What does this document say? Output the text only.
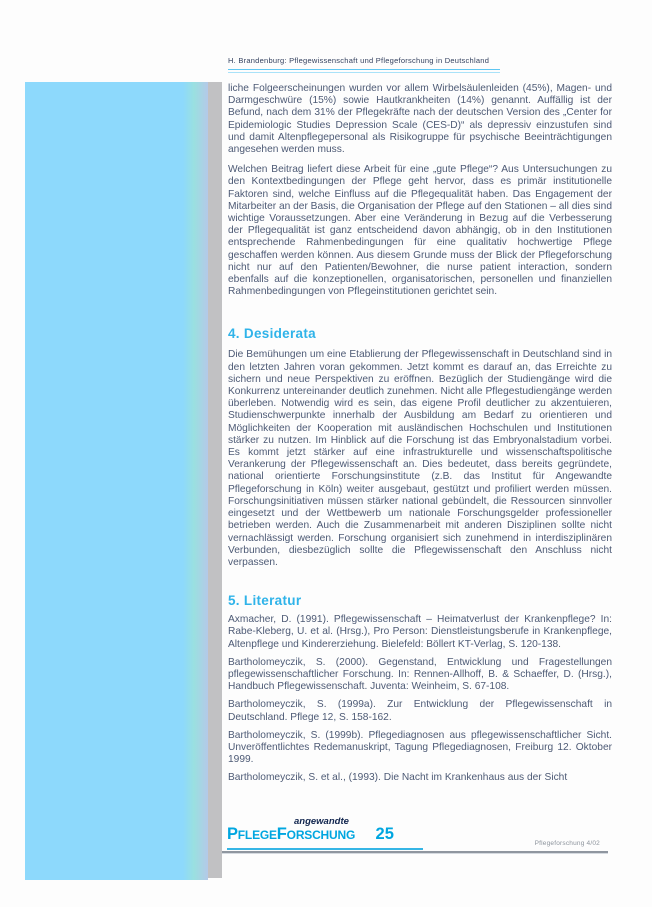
H. Brandenburg: Pflegewissenschaft und Pflegeforschung in Deutschland

liche Folgeerscheinungen wurden vor allem Wirbelsäulenleiden (45%), Magen- und Darmgeschwüre (15%) sowie Hautkrankheiten (14%) genannt. Auffällig ist der Befund, nach dem 31% der Pflegekräfte nach der deutschen Version des „Center for Epidemiologic Studies Depression Scale (CES-D)“ als depressiv einzustufen sind und damit Altenpflegepersonal als Risikogruppe für psychische Beeinträchtigungen angesehen werden muss.

Welchen Beitrag liefert diese Arbeit für eine „gute Pflege“? Aus Untersuchungen zu den Kontextbedingungen der Pflege geht hervor, dass es primär institutionelle Faktoren sind, welche Einfluss auf die Pflegequalität haben. Das Engagement der Mitarbeiter an der Basis, die Organisation der Pflege auf den Stationen – all dies sind wichtige Voraussetzungen. Aber eine Veränderung in Bezug auf die Verbesserung der Pflegequalität ist ganz entscheidend davon abhängig, ob in den Institutionen entsprechende Rahmenbedingungen für eine qualitativ hochwertige Pflege geschaffen werden können. Aus diesem Grunde muss der Blick der Pflegeforschung nicht nur auf den Patienten/Bewohner, die nurse patient interaction, sondern ebenfalls auf die konzeptionellen, organisatorischen, personellen und finanziellen Rahmenbedingungen von Pflegeinstitutionen gerichtet sein.

4. Desiderata

Die Bemühungen um eine Etablierung der Pflegewissenschaft in Deutschland sind in den letzten Jahren voran gekommen. Jetzt kommt es darauf an, das Erreichte zu sichern und neue Perspektiven zu eröffnen. Bezüglich der Studiengänge wird die Konkurrenz untereinander deutlich zunehmen. Nicht alle Pflegestudiengänge werden überleben. Notwendig wird es sein, das eigene Profil deutlicher zu akzentuieren, Studienschwerpunkte innerhalb der Ausbildung am Bedarf zu orientieren und Möglichkeiten der Kooperation mit ausländischen Hochschulen und Institutionen stärker zu nutzen. Im Hinblick auf die Forschung ist das Embryonalstadium vorbei. Es kommt jetzt stärker auf eine infrastrukturelle und wissenschaftspolitische Verankerung der Pflegewissenschaft an. Dies bedeutet, dass bereits gegründete, national orientierte Forschungsinstitute (z.B. das Institut für Angewandte Pflegeforschung in Köln) weiter ausgebaut, gestützt und profiliert werden müssen. Forschungsinitiativen müssen stärker national gebündelt, die Ressourcen sinnvoller eingesetzt und der Wettbewerb um nationale Forschungsgelder professioneller betrieben werden. Auch die Zusammenarbeit mit anderen Disziplinen sollte nicht vernachlässigt werden. Forschung organisiert sich zunehmend in interdisziplinären Verbunden, diesbezüglich sollte die Pflegewissenschaft den Anschluss nicht verpassen.

5. Literatur

Axmacher, D. (1991). Pflegewissenschaft – Heimatverlust der Krankenpflege? In: Rabe-Kleberg, U. et al. (Hrsg.), Pro Person: Dienstleistungsberufe in Krankenpflege, Altenpflege und Kindererziehung. Bielefeld: Böllert KT-Verlag, S. 120-138.

Bartholomeyczik, S. (2000). Gegenstand, Entwicklung und Fragestellungen pflegewissenschaftlicher Forschung. In: Rennen-Allhoff, B. & Schaeffer, D. (Hrsg.), Handbuch Pflegewissenschaft. Juventa: Weinheim, S. 67-108.

Bartholomeyczik, S. (1999a). Zur Entwicklung der Pflegewissenschaft in Deutschland. Pflege 12, S. 158-162.

Bartholomeyczik, S. (1999b). Pflegediagnosen aus pflegewissenschaftlicher Sicht. Unveröffentlichtes Redemanuskript, Tagung Pflegediagnosen, Freiburg 12. Oktober 1999.

Bartholomeyczik, S. et al., (1993). Die Nacht im Krankenhaus aus der Sicht

angewandte
PflegeForschung 25
Pflegeforschung 4/02
